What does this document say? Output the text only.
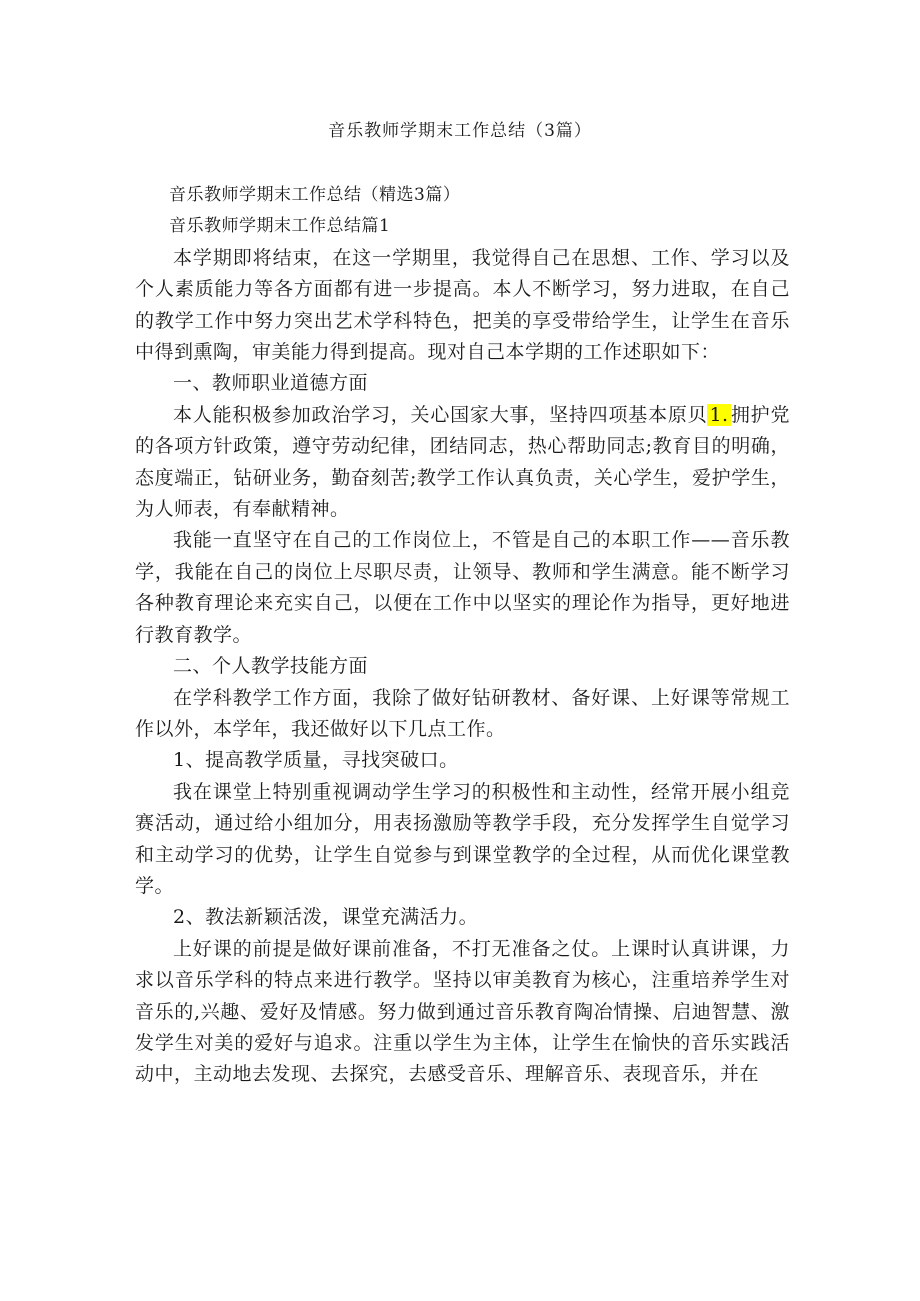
音乐教师学期末工作总结（3篇）

音乐教师学期末工作总结（精选3篇）

音乐教师学期末工作总结篇1

本学期即将结束，在这一学期里，我觉得自己在思想、工作、学习以及个人素质能力等各方面都有进一步提高。本人不断学习，努力进取，在自己的教学工作中努力突出艺术学科特色，把美的享受带给学生，让学生在音乐中得到熏陶，审美能力得到提高。现对自己本学期的工作述职如下：

一、教师职业道德方面

本人能积极参加政治学习，关心国家大事，坚持四项基本原贝 1. 拥护党的各项方针政策，遵守劳动纪律，团结同志，热心帮助同志;教育目的明确，态度端正，钻研业务，勤奋刻苦;教学工作认真负责，关心学生，爱护学生，为人师表，有奉献精神。

我能一直坚守在自己的工作岗位上，不管是自己的本职工作——音乐教学，我能在自己的岗位上尽职尽责，让领导、教师和学生满意。能不断学习各种教育理论来充实自己，以便在工作中以坚实的理论作为指导，更好地进行教育教学。

二、个人教学技能方面

在学科教学工作方面，我除了做好钻研教材、备好课、上好课等常规工作以外，本学年，我还做好以下几点工作。

1、提高教学质量，寻找突破口。

我在课堂上特别重视调动学生学习的积极性和主动性，经常开展小组竞赛活动，通过给小组加分，用表扬激励等教学手段，充分发挥学生自觉学习和主动学习的优势，让学生自觉参与到课堂教学的全过程，从而优化课堂教学。

2、教法新颖活泼，课堂充满活力。

上好课的前提是做好课前准备，不打无准备之仗。上课时认真讲课，力求以音乐学科的特点来进行教学。坚持以审美教育为核心，注重培养学生对音乐的,兴趣、爱好及情感。努力做到通过音乐教育陶冶情操、启迪智慧、激发学生对美的爱好与追求。注重以学生为主体，让学生在愉快的音乐实践活动中，主动地去发现、去探究，去感受音乐、理解音乐、表现音乐，并在
